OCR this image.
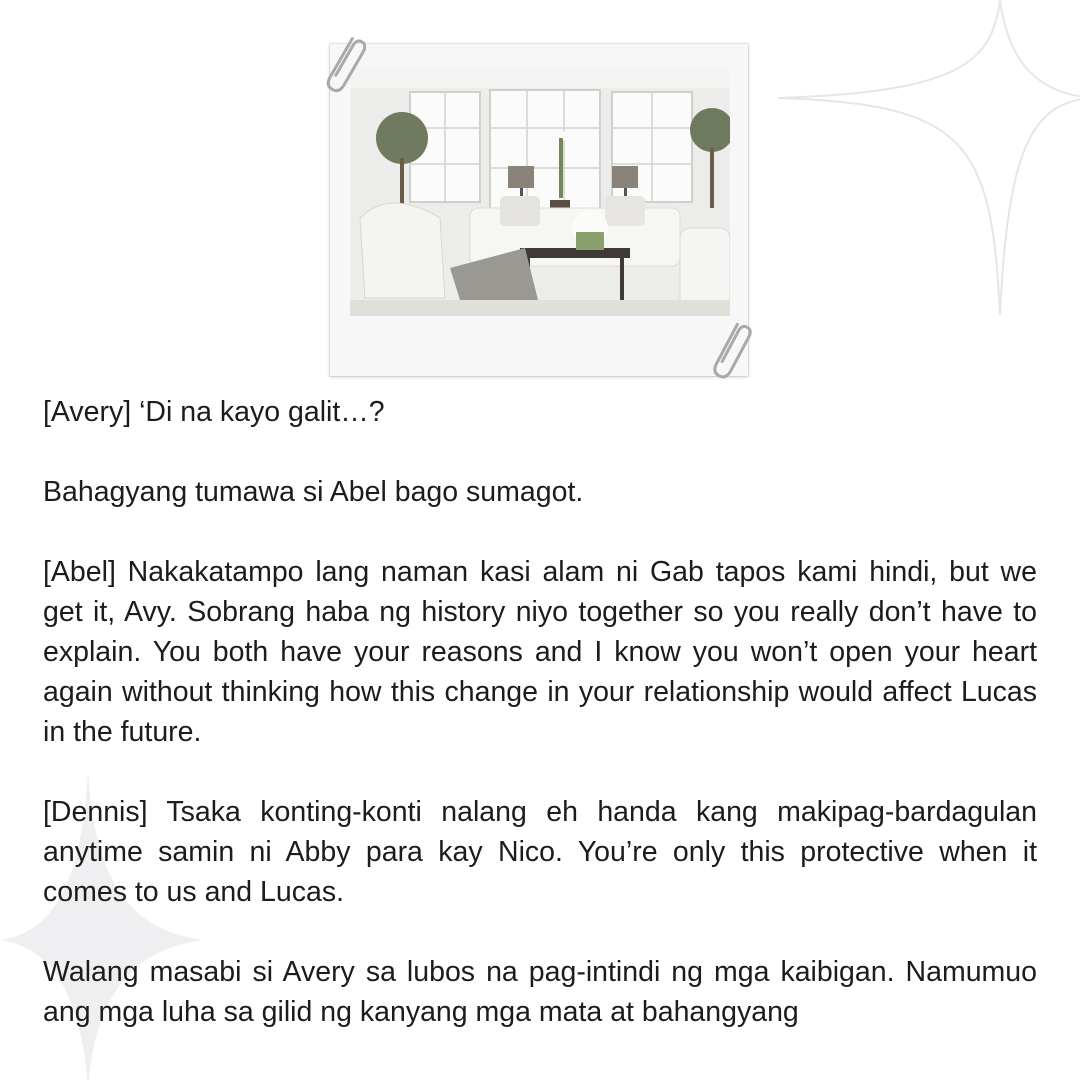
[Avery] ‘Di na kayo galit…?

Bahagyang tumawa si Abel bago sumagot.

[Abel] Nakakatampo lang naman kasi alam ni Gab tapos kami hindi, but we get it, Avy. Sobrang haba ng history niyo together so you really don’t have to explain. You both have your reasons and I know you won’t open your heart again without thinking how this change in your relationship would affect Lucas in the future.

[Dennis] Tsaka konting-konti nalang eh handa kang makipag-bardagulan anytime samin ni Abby para kay Nico. You’re only this protective when it comes to us and Lucas.

Walang masabi si Avery sa lubos na pag-intindi ng mga kaibigan. Namumuo ang mga luha sa gilid ng kanyang mga mata at bahangyang
